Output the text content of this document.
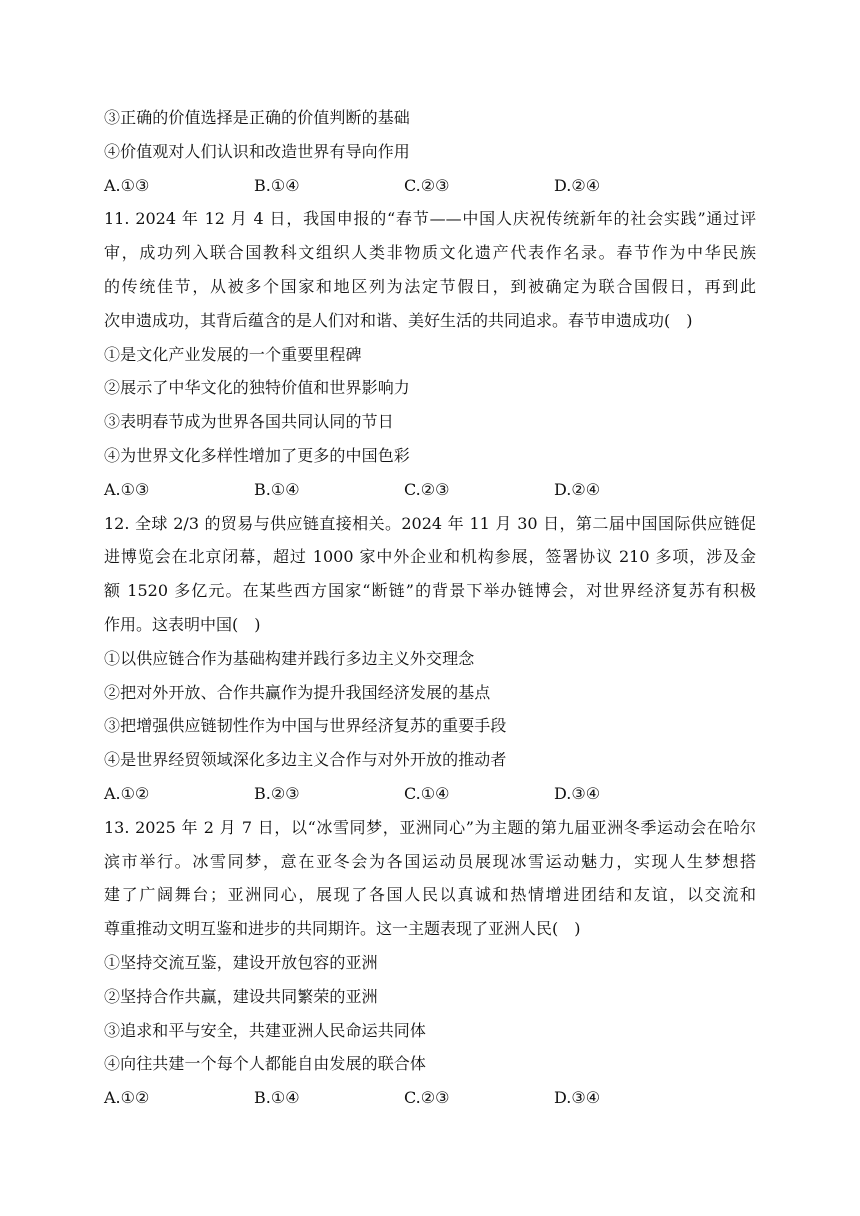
③正确的价值选择是正确的价值判断的基础
④价值观对人们认识和改造世界有导向作用
A.①③	B.①④	C.②③	D.②④
11. 2024 年 12 月 4 日，我国申报的“春节——中国人庆祝传统新年的社会实践”通过评
审，成功列入联合国教科文组织人类非物质文化遗产代表作名录。春节作为中华民族
的传统佳节，从被多个国家和地区列为法定节假日，到被确定为联合国假日，再到此
次申遗成功，其背后蕴含的是人们对和谐、美好生活的共同追求。春节申遗成功(　)
①是文化产业发展的一个重要里程碑
②展示了中华文化的独特价值和世界影响力
③表明春节成为世界各国共同认同的节日
④为世界文化多样性增加了更多的中国色彩
A.①③	B.①④	C.②③	D.②④
12. 全球 2/3 的贸易与供应链直接相关。2024 年 11 月 30 日，第二届中国国际供应链促
进博览会在北京闭幕，超过 1000 家中外企业和机构参展，签署协议 210 多项，涉及金
额 1520 多亿元。在某些西方国家“断链”的背景下举办链博会，对世界经济复苏有积极
作用。这表明中国(　)
①以供应链合作为基础构建并践行多边主义外交理念
②把对外开放、合作共赢作为提升我国经济发展的基点
③把增强供应链韧性作为中国与世界经济复苏的重要手段
④是世界经贸领域深化多边主义合作与对外开放的推动者
A.①②	B.②③	C.①④	D.③④
13. 2025 年 2 月 7 日，以“冰雪同梦，亚洲同心”为主题的第九届亚洲冬季运动会在哈尔
滨市举行。冰雪同梦，意在亚冬会为各国运动员展现冰雪运动魅力，实现人生梦想搭
建了广阔舞台；亚洲同心，展现了各国人民以真诚和热情增进团结和友谊，以交流和
尊重推动文明互鉴和进步的共同期许。这一主题表现了亚洲人民(　)
①坚持交流互鉴，建设开放包容的亚洲
②坚持合作共赢，建设共同繁荣的亚洲
③追求和平与安全，共建亚洲人民命运共同体
④向往共建一个每个人都能自由发展的联合体
A.①②	B.①④	C.②③	D.③④
